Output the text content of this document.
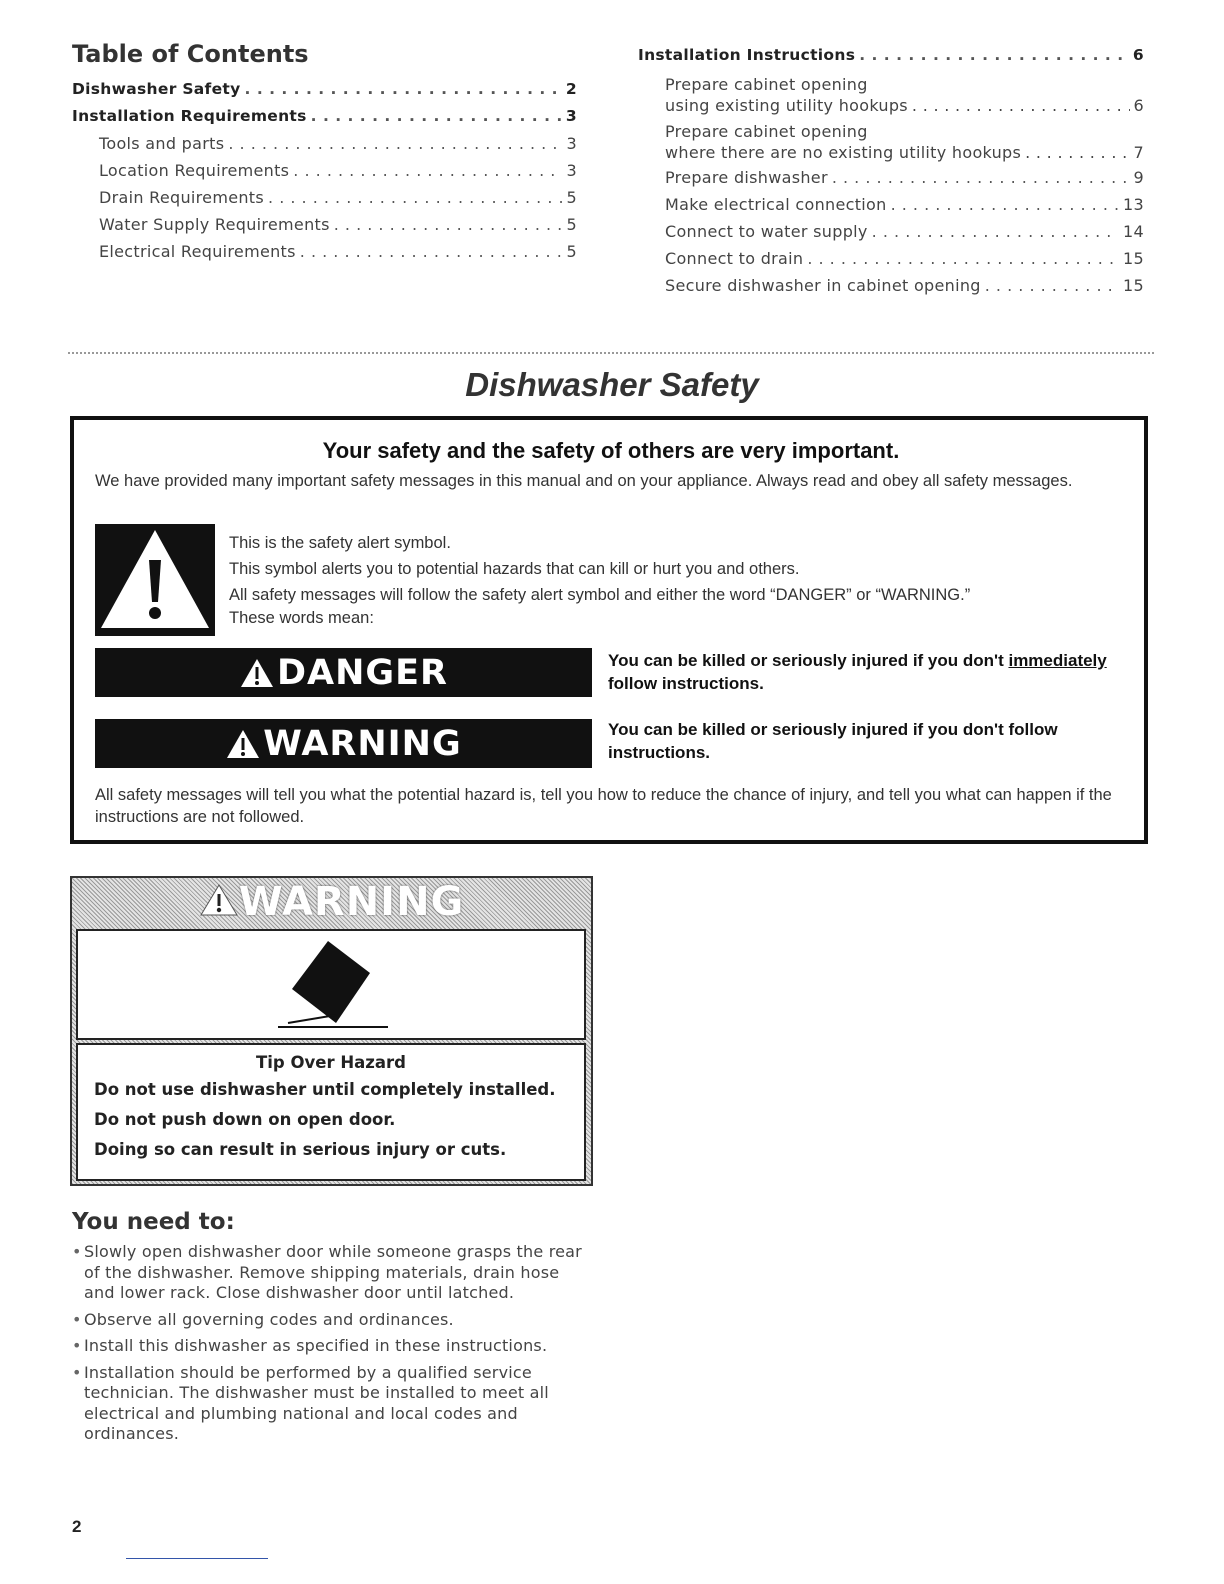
Table of Contents
Dishwasher Safety . . .	2
Installation Requirements . . .	3
Tools and parts . . .	3
Location Requirements . . .	3
Drain Requirements . . .	5
Water Supply Requirements . . .	5
Electrical Requirements . . .	5
Installation Instructions . . .	6
Prepare cabinet opening
using existing utility hookups . . .	6
Prepare cabinet opening
where there are no existing utility hookups . . .	7
Prepare dishwasher . . .	9
Make electrical connection . . .	13
Connect to water supply . . .	14
Connect to drain . . .	15
Secure dishwasher in cabinet opening . . .	15
Dishwasher Safety
Your safety and the safety of others are very important.
We have provided many important safety messages in this manual and on your appliance. Always read and obey all safety messages.
This is the safety alert symbol.
This symbol alerts you to potential hazards that can kill or hurt you and others.
All safety messages will follow the safety alert symbol and either the word “DANGER” or “WARNING.”
These words mean:
DANGER	You can be killed or seriously injured if you don't immediately
follow instructions.
WARNING	You can be killed or seriously injured if you don't follow instructions.
All safety messages will tell you what the potential hazard is, tell you how to reduce the chance of injury, and tell you what can happen if the instructions are not followed.
WARNING
Tip Over Hazard
Do not use dishwasher until completely installed.
Do not push down on open door.
Doing so can result in serious injury or cuts.
You need to:
• Slowly open dishwasher door while someone grasps the rear of the dishwasher. Remove shipping materials, drain hose and lower rack. Close dishwasher door until latched.
• Observe all governing codes and ordinances.
• Install this dishwasher as specified in these instructions.
• Installation should be performed by a qualified service technician. The dishwasher must be installed to meet all electrical and plumbing national and local codes and ordinances.
2
